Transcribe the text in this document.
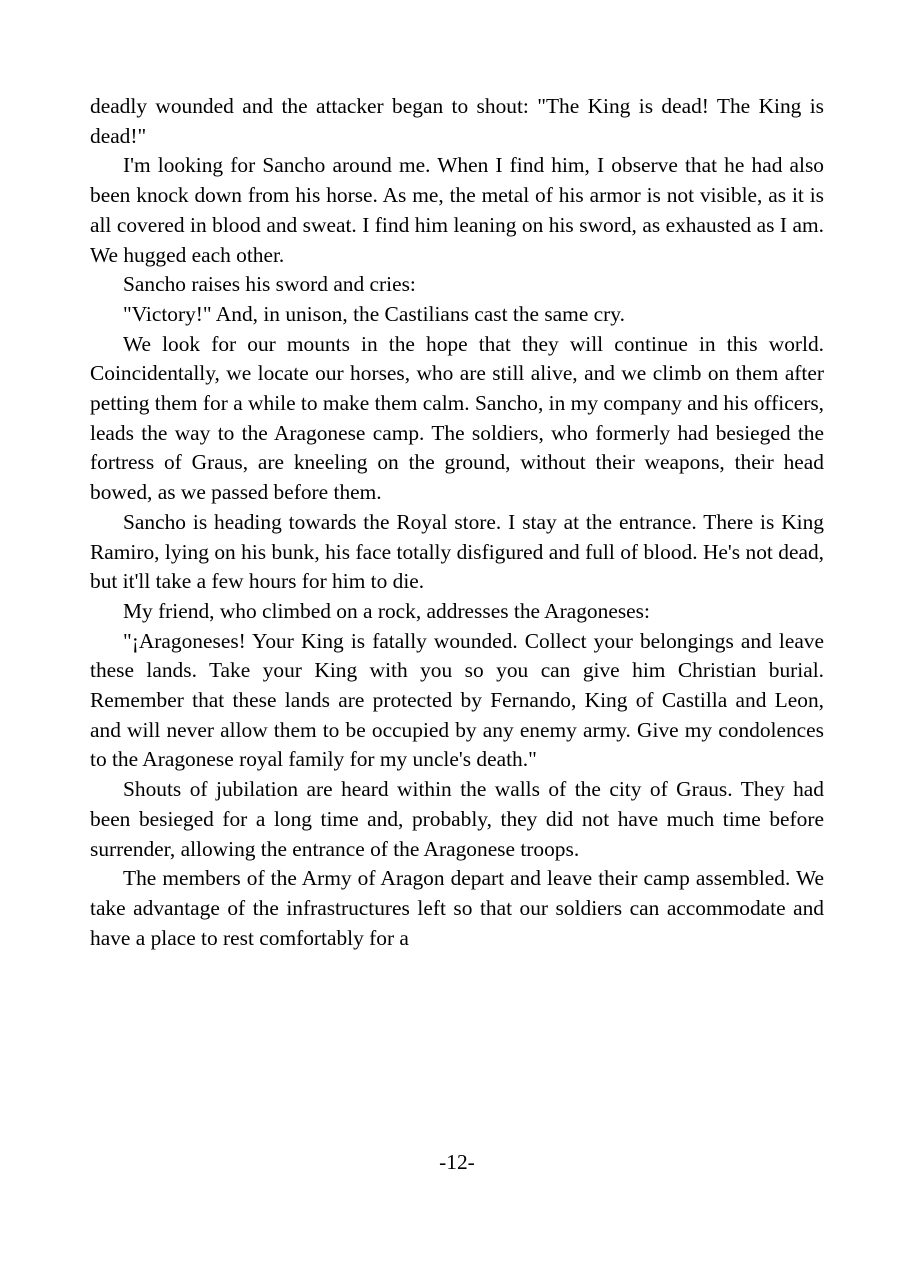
deadly wounded and the attacker began to shout: "The King is dead! The King is dead!"

I'm looking for Sancho around me. When I find him, I observe that he had also been knock down from his horse. As me, the metal of his armor is not visible, as it is all covered in blood and sweat. I find him leaning on his sword, as exhausted as I am. We hugged each other.

Sancho raises his sword and cries:

"Victory!" And, in unison, the Castilians cast the same cry.

We look for our mounts in the hope that they will continue in this world. Coincidentally, we locate our horses, who are still alive, and we climb on them after petting them for a while to make them calm. Sancho, in my company and his officers, leads the way to the Aragonese camp. The soldiers, who formerly had besieged the fortress of Graus, are kneeling on the ground, without their weapons, their head bowed, as we passed before them.

Sancho is heading towards the Royal store. I stay at the entrance. There is King Ramiro, lying on his bunk, his face totally disfigured and full of blood. He's not dead, but it'll take a few hours for him to die.

My friend, who climbed on a rock, addresses the Aragoneses:

"¡Aragoneses! Your King is fatally wounded. Collect your belongings and leave these lands. Take your King with you so you can give him Christian burial. Remember that these lands are protected by Fernando, King of Castilla and Leon, and will never allow them to be occupied by any enemy army. Give my condolences to the Aragonese royal family for my uncle's death."

Shouts of jubilation are heard within the walls of the city of Graus. They had been besieged for a long time and, probably, they did not have much time before surrender, allowing the entrance of the Aragonese troops.

The members of the Army of Aragon depart and leave their camp assembled. We take advantage of the infrastructures left so that our soldiers can accommodate and have a place to rest comfortably for a

-12-
